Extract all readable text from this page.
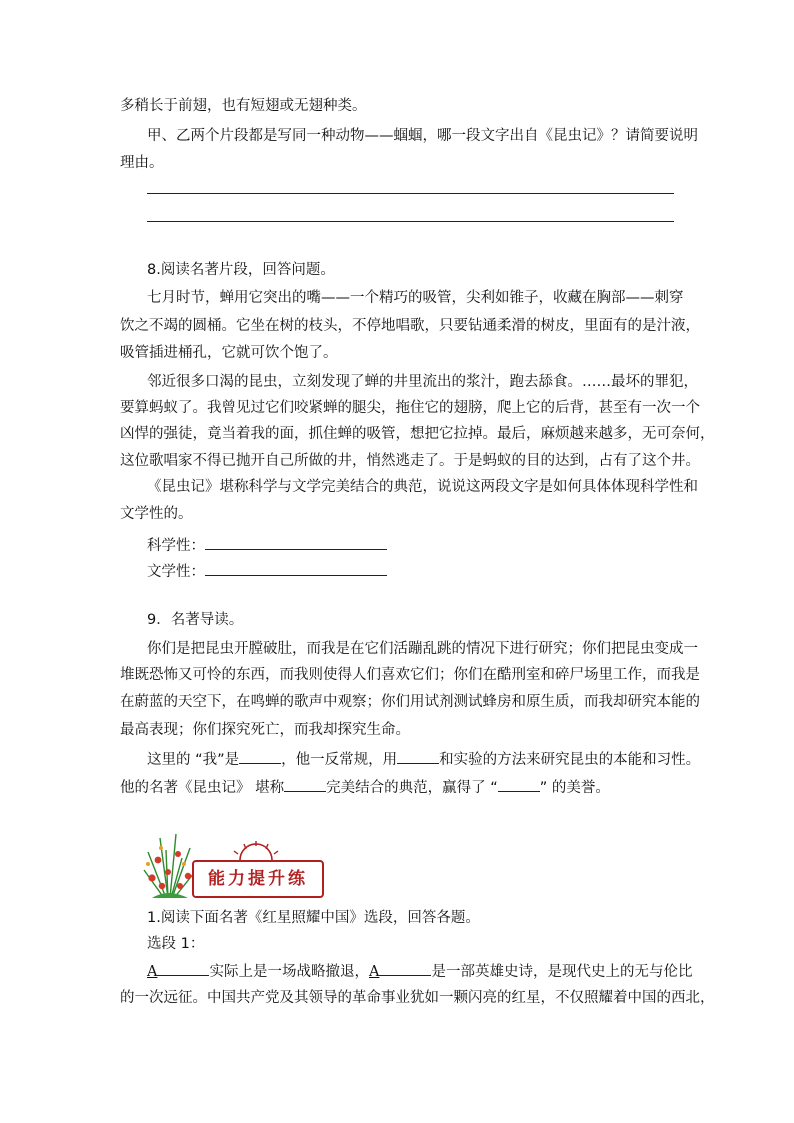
多稍长于前翅，也有短翅或无翅种类。
甲、乙两个片段都是写同一种动物——蝈蝈，哪一段文字出自《昆虫记》？请简要说明
理由。
8.阅读名著片段，回答问题。
七月时节，蝉用它突出的嘴——一个精巧的吸管，尖利如锥子，收藏在胸部——刺穿
饮之不竭的圆桶。它坐在树的枝头，不停地唱歌，只要钻通柔滑的树皮，里面有的是汁液，
吸管插进桶孔，它就可饮个饱了。
邻近很多口渴的昆虫，立刻发现了蝉的井里流出的浆汁，跑去舔食。……最坏的罪犯，
要算蚂蚁了。我曾见过它们咬紧蝉的腿尖，拖住它的翅膀，爬上它的后背，甚至有一次一个
凶悍的强徒，竟当着我的面，抓住蝉的吸管，想把它拉掉。最后，麻烦越来越多，无可奈何，
这位歌唱家不得已抛开自己所做的井，悄然逃走了。于是蚂蚁的目的达到，占有了这个井。
《昆虫记》堪称科学与文学完美结合的典范，说说这两段文字是如何具体体现科学性和
文学性的。
科学性：
文学性：
9．名著导读。
你们是把昆虫开膛破肚，而我是在它们活蹦乱跳的情况下进行研究；你们把昆虫变成一
堆既恐怖又可怜的东西，而我则使得人们喜欢它们；你们在酷刑室和碎尸场里工作，而我是
在蔚蓝的天空下，在鸣蝉的歌声中观察；你们用试剂测试蜂房和原生质，而我却研究本能的
最高表现；你们探究死亡，而我却探究生命。
这里的 “我”是	，他一反常规，用	和实验的方法来研究昆虫的本能和习性。
他的名著《昆虫记》 堪称	完美结合的典范，赢得了 “	” 的美誉。
能力提升练
1.阅读下面名著《红星照耀中国》选段，回答各题。
选段 1：
A	实际上是一场战略撤退，A	是一部英雄史诗，是现代史上的无与伦比
的一次远征。中国共产党及其领导的革命事业犹如一颗闪亮的红星，不仅照耀着中国的西北，
